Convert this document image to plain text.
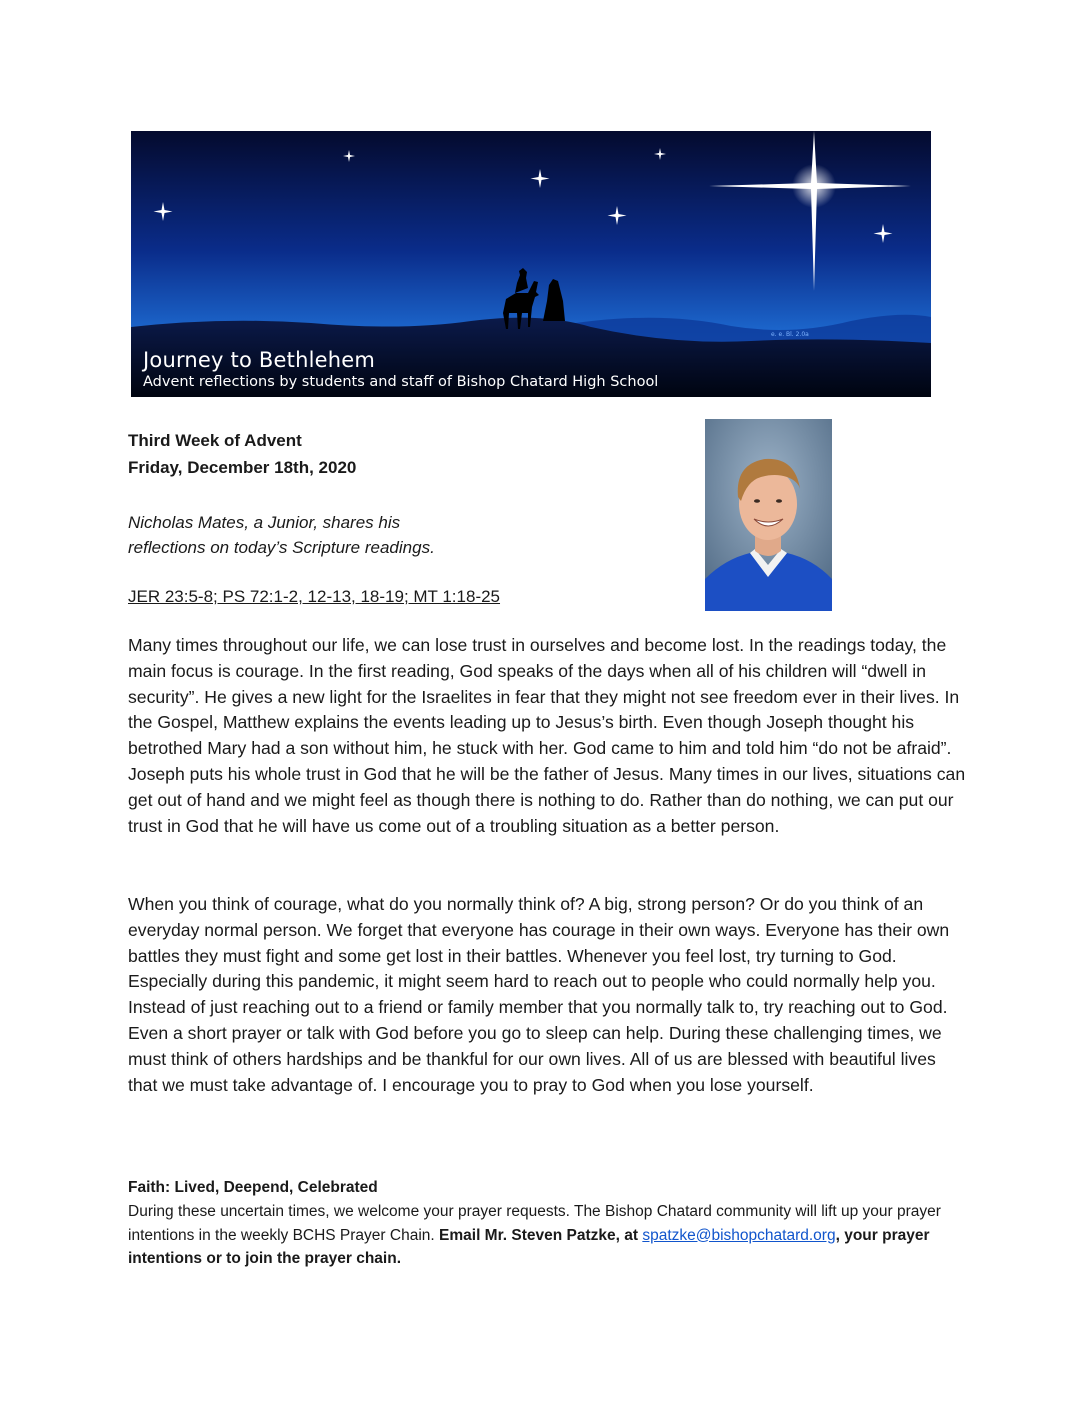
e. e. Bl. 2.0a
Journey to Bethlehem
Advent reflections by students and staff of Bishop Chatard High School
Third Week of Advent
Friday, December 18th, 2020
Nicholas Mates, a Junior, shares his
reflections on today’s Scripture readings.
JER 23:5-8; PS 72:1-2, 12-13, 18-19; MT 1:18-25

Many times throughout our life, we can lose trust in ourselves and become lost. In the readings today, the main focus is courage. In the first reading, God speaks of the days when all of his children will “dwell in security”. He gives a new light for the Israelites in fear that they might not see freedom ever in their lives. In the Gospel, Matthew explains the events leading up to Jesus’s birth. Even though Joseph thought his betrothed Mary had a son without him, he stuck with her. God came to him and told him “do not be afraid”. Joseph puts his whole trust in God that he will be the father of Jesus. Many times in our lives, situations can get out of hand and we might feel as though there is nothing to do. Rather than do nothing, we can put our trust in God that he will have us come out of a troubling situation as a better person.

When you think of courage, what do you normally think of? A big, strong person? Or do you think of an everyday normal person. We forget that everyone has courage in their own ways. Everyone has their own battles they must fight and some get lost in their battles. Whenever you feel lost, try turning to God. Especially during this pandemic, it might seem hard to reach out to people who could normally help you. Instead of just reaching out to a friend or family member that you normally talk to, try reaching out to God. Even a short prayer or talk with God before you go to sleep can help. During these challenging times, we must think of others hardships and be thankful for our own lives. All of us are blessed with beautiful lives that we must take advantage of. I encourage you to pray to God when you lose yourself.

Faith: Lived, Deepend, Celebrated

During these uncertain times, we welcome your prayer requests. The Bishop Chatard community will lift up your prayer intentions in the weekly BCHS Prayer Chain. Email Mr. Steven Patzke, at spatzke@bishopchatard.org, your prayer intentions or to join the prayer chain.
